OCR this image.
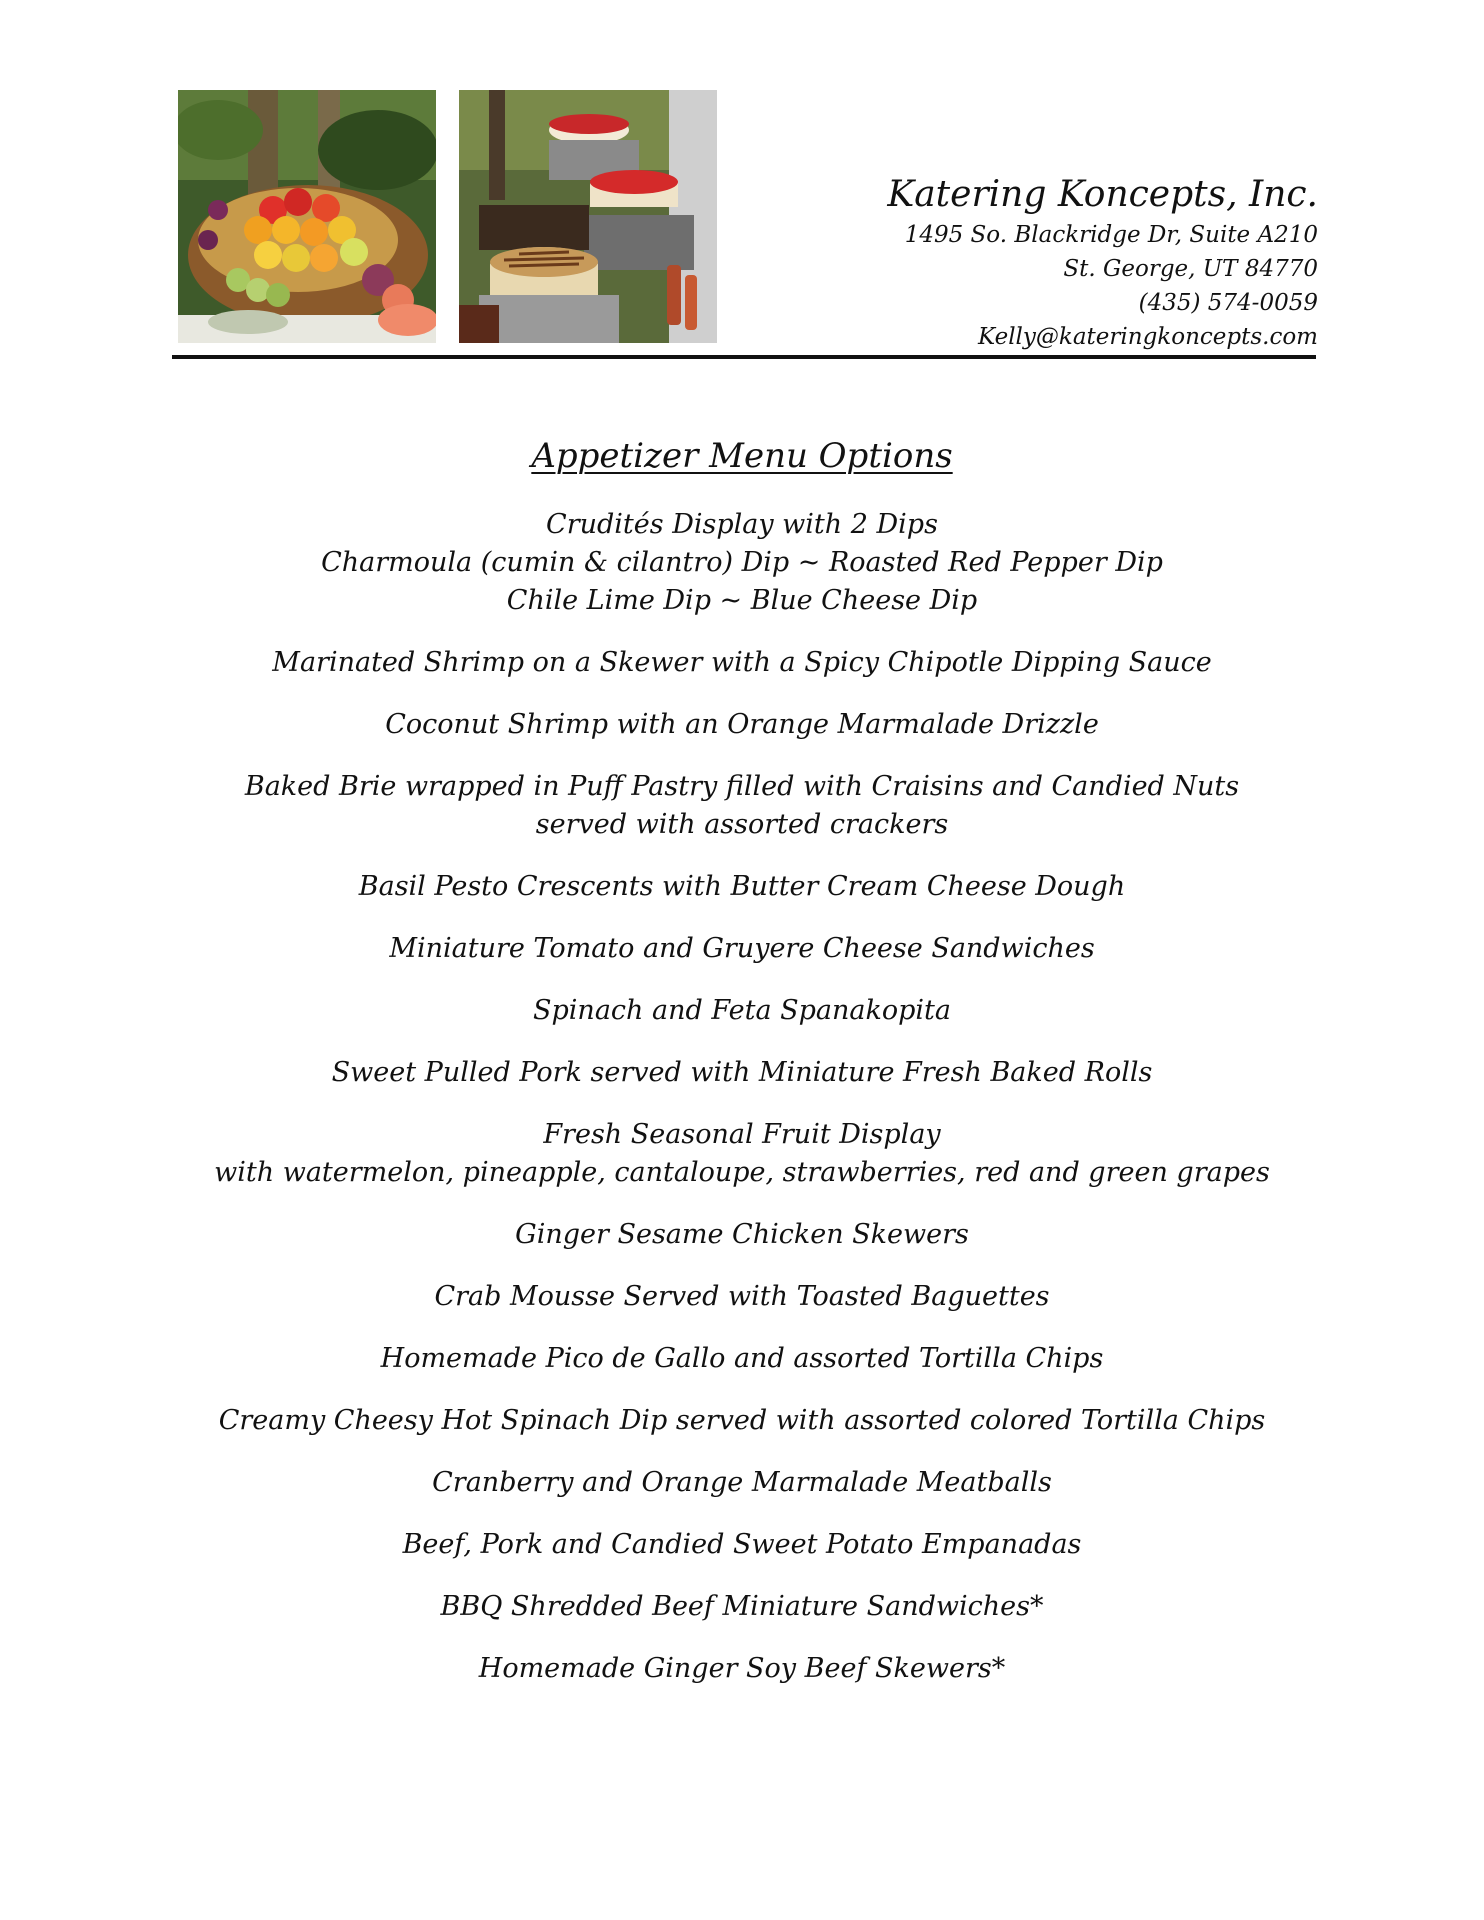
Katering Koncepts, Inc.
1495 So. Blackridge Dr, Suite A210
St. George, UT 84770
(435) 574-0059
Kelly@kateringkoncepts.com
Appetizer Menu Options
Crudités Display with 2 Dips
Charmoula (cumin & cilantro) Dip ~ Roasted Red Pepper Dip
Chile Lime Dip ~ Blue Cheese Dip
Marinated Shrimp on a Skewer with a Spicy Chipotle Dipping Sauce
Coconut Shrimp with an Orange Marmalade Drizzle
Baked Brie wrapped in Puff Pastry filled with Craisins and Candied Nuts
served with assorted crackers
Basil Pesto Crescents with Butter Cream Cheese Dough
Miniature Tomato and Gruyere Cheese Sandwiches
Spinach and Feta Spanakopita
Sweet Pulled Pork served with Miniature Fresh Baked Rolls
Fresh Seasonal Fruit Display
with watermelon, pineapple, cantaloupe, strawberries, red and green grapes
Ginger Sesame Chicken Skewers
Crab Mousse Served with Toasted Baguettes
Homemade Pico de Gallo and assorted Tortilla Chips
Creamy Cheesy Hot Spinach Dip served with assorted colored Tortilla Chips
Cranberry and Orange Marmalade Meatballs
Beef, Pork and Candied Sweet Potato Empanadas
BBQ Shredded Beef Miniature Sandwiches*
Homemade Ginger Soy Beef Skewers*
